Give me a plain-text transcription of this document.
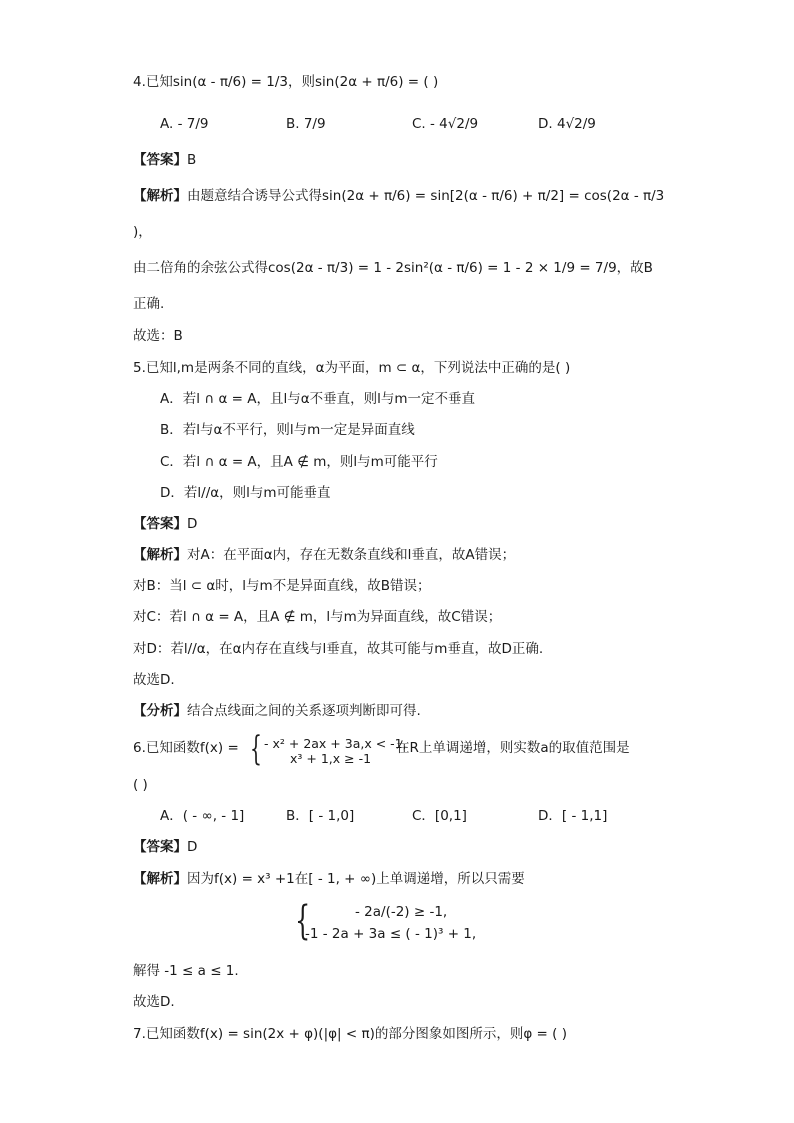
4.已知sin(α - π/6) = 1/3，则sin(2α + π/6) = ( )
A. - 7/9	B. 7/9	C. - 4√2/9	D. 4√2/9
【答案】B
【解析】由题意结合诱导公式得sin(2α + π/6) = sin[2(α - π/6) + π/2] = cos(2α - π/3
)，
由二倍角的余弦公式得cos(2α - π/3) = 1 - 2sin²(α - π/6) = 1 - 2 × 1/9 = 7/9，故B
正确.
故选：B
5.已知l,m是两条不同的直线，α为平面，m ⊂ α，下列说法中正确的是( )
A．若l ∩ α = A，且l与α不垂直，则l与m一定不垂直
B．若l与α不平行，则l与m一定是异面直线
C．若l ∩ α = A，且A ∉ m，则l与m可能平行
D．若l//α，则l与m可能垂直
【答案】D
【解析】对A：在平面α内，存在无数条直线和l垂直，故A错误；
对B：当l ⊂ α时，l与m不是异面直线，故B错误；
对C：若l ∩ α = A，且A ∉ m，l与m为异面直线，故C错误；
对D：若l//α，在α内存在直线与l垂直，故其可能与m垂直，故D正确.
故选D.
【分析】结合点线面之间的关系逐项判断即可得.
6.已知函数f(x) = { - x² + 2ax + 3a,x < -1,
x³ + 1,x ≥ -1
在R上单调递增，则实数a的取值范围是
( )
A．( - ∞, - 1]	B．[ - 1,0]	C．[0,1]	D．[ - 1,1]
【答案】D
【解析】因为f(x) = x³ +1在[ - 1, + ∞)上单调递增，所以只需要
{	- 2a/(-2) ≥ -1,
-1 - 2a + 3a ≤ ( - 1)³ + 1,
解得 -1 ≤ a ≤ 1.
故选D.
7.已知函数f(x) = sin(2x + φ)(|φ| < π)的部分图象如图所示，则φ = ( )
